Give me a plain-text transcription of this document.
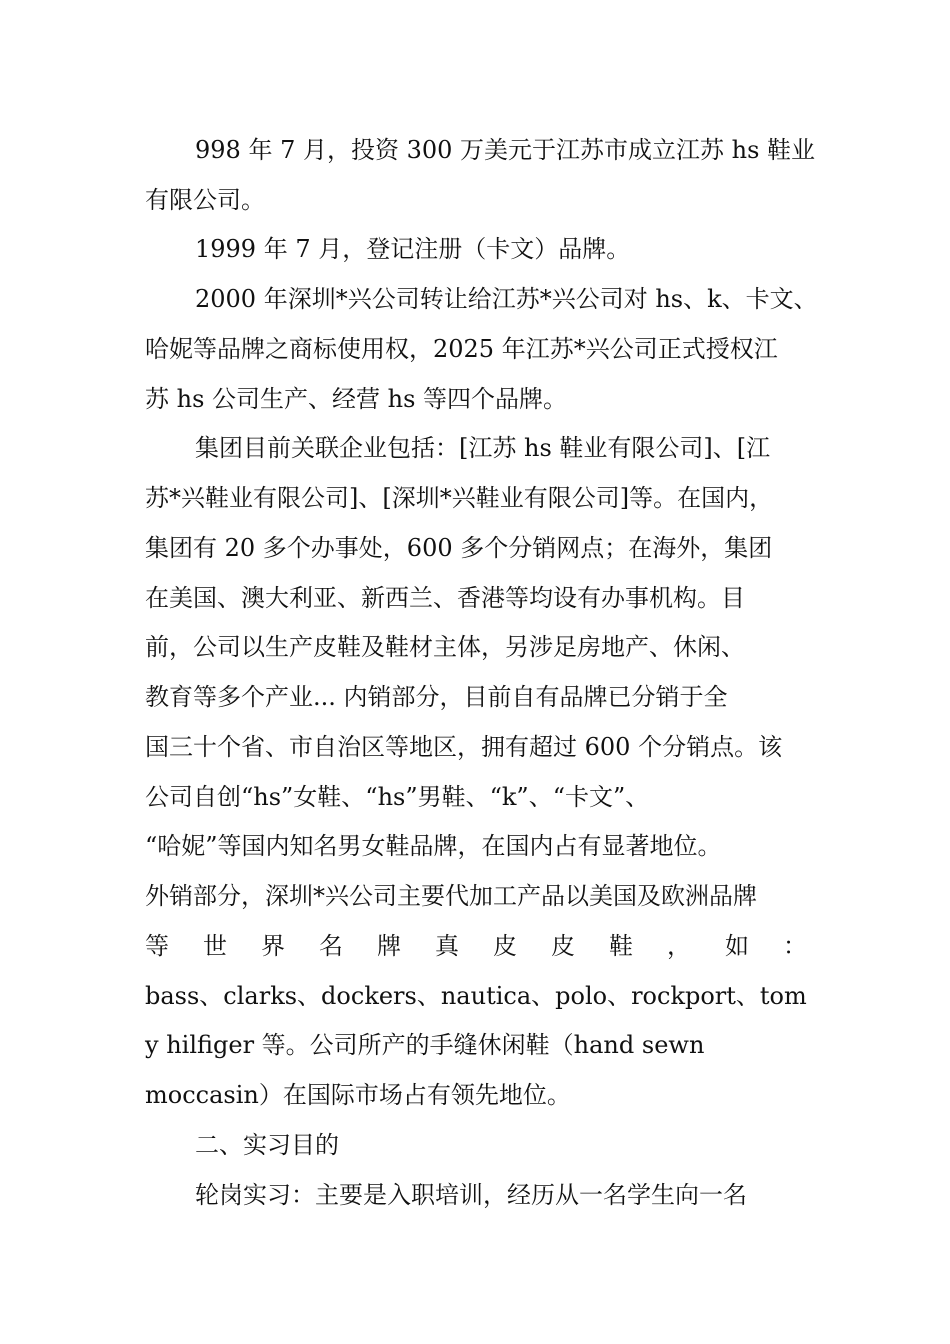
998 年 7 月，投资 300 万美元于江苏市成立江苏 hs 鞋业
有限公司。
1999 年 7 月，登记注册（卡文）品牌。
2000 年深圳*兴公司转让给江苏*兴公司对 hs、k、卡文、
哈妮等品牌之商标使用权，2025 年江苏*兴公司正式授权江
苏 hs 公司生产、经营 hs 等四个品牌。
集团目前关联企业包括：[江苏 hs 鞋业有限公司]、[江
苏*兴鞋业有限公司]、[深圳*兴鞋业有限公司]等。在国内，
集团有 20 多个办事处，600 多个分销网点；在海外，集团
在美国、澳大利亚、新西兰、香港等均设有办事机构。目
前，公司以生产皮鞋及鞋材主体，另涉足房地产、休闲、
教育等多个产业... 内销部分，目前自有品牌已分销于全
国三十个省、市自治区等地区，拥有超过 600 个分销点。该
公司自创“hs”女鞋、“hs”男鞋、“k”、“卡文”、
“哈妮”等国内知名男女鞋品牌，在国内占有显著地位。
外销部分，深圳*兴公司主要代加工产品以美国及欧洲品牌
等 世 界 名 牌 真 皮 皮 鞋 ， 如 ：
bass、clarks、dockers、nautica、polo、rockport、tom
y hilfiger 等。公司所产的手缝休闲鞋（hand sewn
moccasin）在国际市场占有领先地位。
二、实习目的
轮岗实习：主要是入职培训，经历从一名学生向一名
